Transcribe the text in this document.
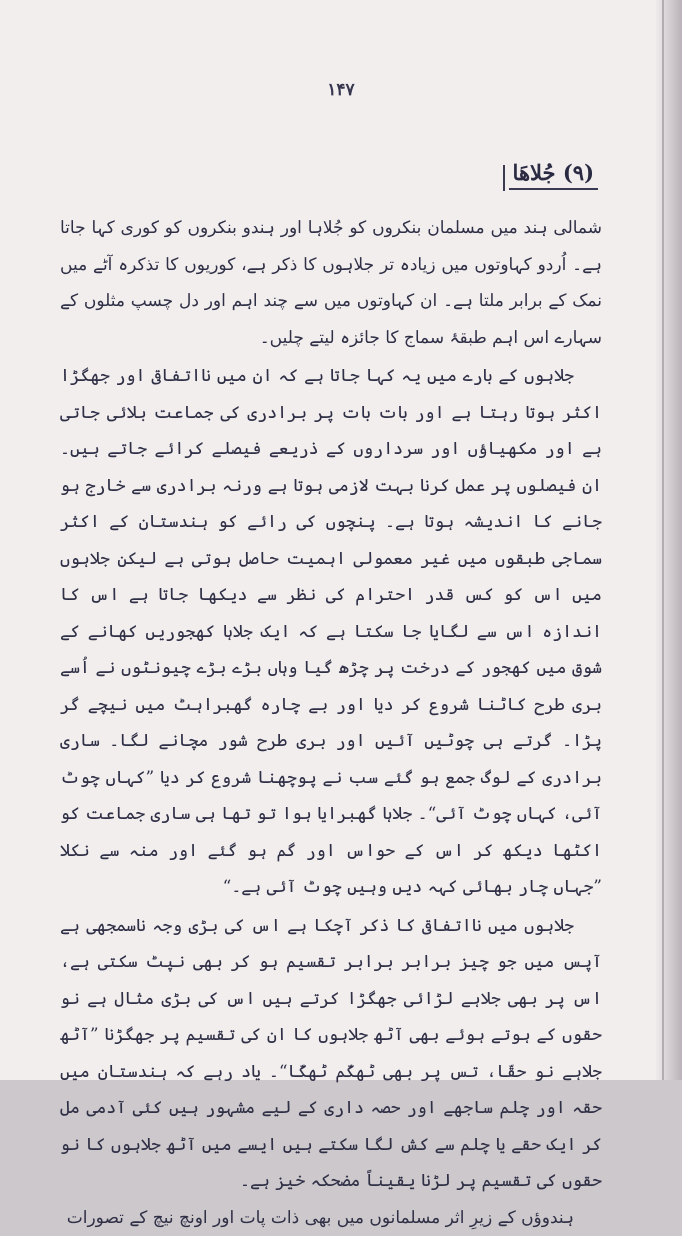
۱۴۷
(۹) جُلاهَا

شمالی ہند میں مسلمان بنکروں کو جُلاہا اور ہندو بنکروں کو کوری کہا جاتا ہے۔ اُردو کہاوتوں میں زیادہ تر جلاہوں کا ذکر ہے، کوریوں کا تذکرہ آٹے میں نمک کے برابر ملتا ہے۔ ان کہاوتوں میں سے چند اہم اور دل چسپ مثلوں کے سہارے اس اہم طبقۂ سماج کا جائزہ لیتے چلیں۔

جلاہوں کے بارے میں یہ کہا جاتا ہے کہ ان میں نااتفاقی اور جھگڑا اکثر ہوتا رہتا ہے اور بات بات پر برادری کی جماعت بلائی جاتی ہے اور مکھیاؤں اور سرداروں کے ذریعے فیصلے کرائے جاتے ہیں۔ ان فیصلوں پر عمل کرنا بہت لازمی ہوتا ہے ورنہ برادری سے خارج ہو جانے کا اندیشہ ہوتا ہے۔ پنچوں کی رائے کو ہندستان کے اکثر سماجی طبقوں میں غیر معمولی اہمیت حاصل ہوتی ہے لیکن جلاہوں میں اس کو کس قدر احترام کی نظر سے دیکھا جاتا ہے اس کا اندازہ اس سے لگایا جا سکتا ہے کہ ایک جلاہا کھجوریں کھانے کے شوق میں کھجور کے درخت پر چڑھ گیا وہاں بڑے بڑے چیونٹوں نے اُسے بری طرح کاٹنا شروع کر دیا اور بے چارہ گھبراہٹ میں نیچے گر پڑا۔ گرتے ہی چوٹیں آئیں اور بری طرح شور مچانے لگا۔ ساری برادری کے لوگ جمع ہو گئے سب نے پوچھنا شروع کر دیا ”کہاں چوٹ آئی، کہاں چوٹ آئی“۔ جلاہا گھبرایا ہوا تو تھا ہی ساری جماعت کو اکٹھا دیکھ کر اس کے حواس اور گم ہو گئے اور منہ سے نکلا ”جہاں چار بھائی کہہ دیں وہیں چوٹ آئی ہے۔“

جلاہوں میں نااتفاقی کا ذکر آچکا ہے اس کی بڑی وجہ ناسمجھی ہے آپس میں جو چیز برابر برابر تقسیم ہو کر بھی نپٹ سکتی ہے، اس پر بھی جلاہے لڑائی جھگڑا کرتے ہیں اس کی بڑی مثال ہے نو حقوں کے ہوتے ہوئے بھی آٹھ جلاہوں کا ان کی تقسیم پر جھگڑنا ”آٹھ جلاہے نو حقّا، تس پر بھی ٹھکّم ٹھکّا“۔ یاد رہے کہ ہندستان میں حقہ اور چلم ساجھے اور حصہ داری کے لیے مشہور ہیں کئی آدمی مل کر ایک حقے یا چلم سے کش لگا سکتے ہیں ایسے میں آٹھ جلاہوں کا نو حقوں کی تقسیم پر لڑنا یقیناً مضحکہ خیز ہے۔

ہندوؤں کے زیرِ اثر مسلمانوں میں بھی ذات پات اور اونچ نیچ کے تصورات
